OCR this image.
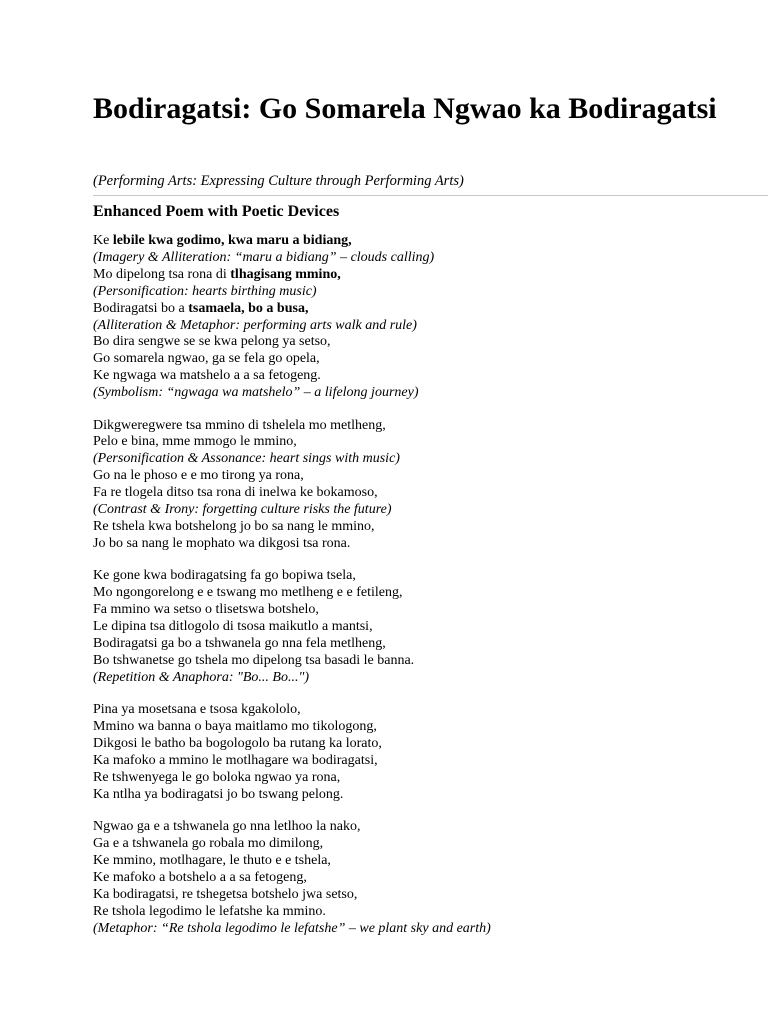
Bodiragatsi: Go Somarela Ngwao ka Bodiragatsi

(Performing Arts: Expressing Culture through Performing Arts)

Enhanced Poem with Poetic Devices
Ke lebile kwa godimo, kwa maru a bidiang,
(Imagery & Alliteration: “maru a bidiang” – clouds calling)
Mo dipelong tsa rona di tlhagisang mmino,
(Personification: hearts birthing music)
Bodiragatsi bo a tsamaela, bo a busa,
(Alliteration & Metaphor: performing arts walk and rule)
Bo dira sengwe se se kwa pelong ya setso,
Go somarela ngwao, ga se fela go opela,
Ke ngwaga wa matshelo a a sa fetogeng.
(Symbolism: “ngwaga wa matshelo” – a lifelong journey)
Dikgweregwere tsa mmino di tshelela mo metlheng,
Pelo e bina, mme mmogo le mmino,
(Personification & Assonance: heart sings with music)
Go na le phoso e e mo tirong ya rona,
Fa re tlogela ditso tsa rona di inelwa ke bokamoso,
(Contrast & Irony: forgetting culture risks the future)
Re tshela kwa botshelong jo bo sa nang le mmino,
Jo bo sa nang le mophato wa dikgosi tsa rona.
Ke gone kwa bodiragatsing fa go bopiwa tsela,
Mo ngongorelong e e tswang mo metlheng e e fetileng,
Fa mmino wa setso o tlisetswa botshelo,
Le dipina tsa ditlogolo di tsosa maikutlo a mantsi,
Bodiragatsi ga bo a tshwanela go nna fela metlheng,
Bo tshwanetse go tshela mo dipelong tsa basadi le banna.
(Repetition & Anaphora: "Bo... Bo...")
Pina ya mosetsana e tsosa kgakololo,
Mmino wa banna o baya maitlamo mo tikologong,
Dikgosi le batho ba bogologolo ba rutang ka lorato,
Ka mafoko a mmino le motlhagare wa bodiragatsi,
Re tshwenyega le go boloka ngwao ya rona,
Ka ntlha ya bodiragatsi jo bo tswang pelong.
Ngwao ga e a tshwanela go nna letlhoo la nako,
Ga e a tshwanela go robala mo dimilong,
Ke mmino, motlhagare, le thuto e e tshela,
Ke mafoko a botshelo a a sa fetogeng,
Ka bodiragatsi, re tshegetsa botshelo jwa setso,
Re tshola legodimo le lefatshe ka mmino.
(Metaphor: “Re tshola legodimo le lefatshe” – we plant sky and earth)
